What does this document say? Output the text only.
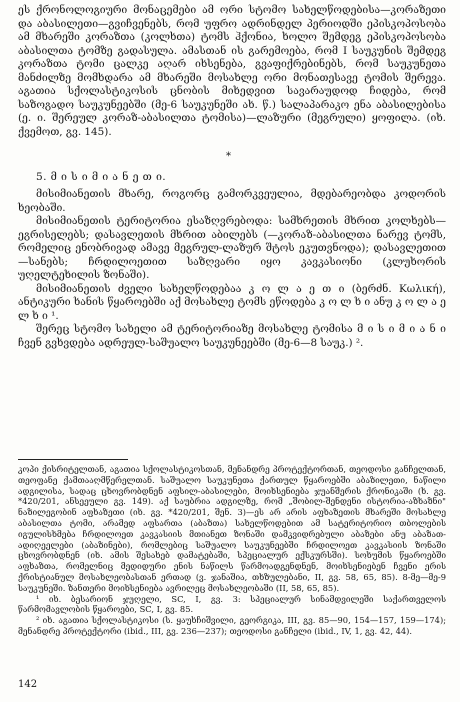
ეს ქრონოლოგიური მონაცემები ამ ორი სტომო სახელწოდებისა—კორაზეთი და აბასილეთი—გვიჩვენებს, რომ უფრო ადრინდელ პერიოდში ეპისკოპოსობა ამ მხარეში კორაზთა (კოლხთა) ტომს ჰქონია, ხოლო შემდეგ ეპისკოპოსობა აბასილთა ტომზე გადასულა. ამასთან ის გარემოება, რომ I საუკუნის შემდეგ კორაზთა ტომი ცალკე აღარ იხსენება, გვაფიქრებინებს, რომ საუკუნეთა მანძილზე მომხდარა ამ მხარეში მოსახლე ორი მონათესავე ტომის შერევა. აგათია სქოლასტიკოსის ცნობის მიხედვით სავარაუდოდ ჩიდება, რომ საზოგადო საუკუნეებში (მე-6 საუკუნეში ახ. წ.) სალაპარაკო ენა აბასილებისა (ე. ი. შერეულ კორაზ-აბასილთა ტომისა)—ლაზური (მეგრული) ყოფილა. (იხ. ქვემოთ, გვ. 145).

*
5. მ ი ს ი მ ი ა ნ ე თ ი.

მისიმიანეთის მხარე, როგორც გამორკვეულია, მდებარეობდა კოდორის ხეობაში.

მისიმიანეთის ტერიტორია ესაზღვრებოდა: სამხრეთის მხრით კოლხებს—ეგრისელებს; დასავლეთის მხრით აბილებს (—კორაზ-აბასილთა ნარევ ტომს, რომელიც ენობრივად ამავე მეგრულ-ლაზურ შტოს ეკუთვნოდა); დასავლეთით—სანებს; ჩრდილოეთით საზღვარი იყო კავკასიონი (კლუხორის უღელტეხილის ზონაში).

მისიმიანეთის ძველი სახელწოდებაა კ ო ლ ა ე თ ი (ბერძნ. Κωλική), ანტიკური ხანის წყაროებში აქ მოსახლე ტომს ეწოდება კ ო ლ ხ ი ანუ კ ო ლ ა ე ლ ხ ი ¹.

შერეც სტომო სახელი ამ ტერიტორიაზე მოსახლე ტომისა მ ი ს ი მ ი ა ნ ი ჩვენ გვხვდება ადრეულ-საშუალო საუკუნეებში (მე-6—8 საუკ.) ².

კოპი ქისრიტელთან, აგათია სქოლასტიკოსთან, მენანდრე პროტექტორთან, თეოდოსი განჩელთან, თეოფანე ქამთააღმწერელთან. საშუალო საუკუნეთა ქართულ წყაროებში აბაზილეთი, ნაწილი ადგილისა, სადაც ცხოვრობდნენ აფსილ-აბასილები, მოიხსენიება ჯუანშერის ქრონიკაში (ხ. გვ. *420/201, ანსეეული გვ. 149). აქ საუბრია ადგილზე, რომ „შობილ-შენდენი ისტორია-აზხაზნი" ნაზილეგობინ აფხაზეთი (იხ. გვ. *420/201, შენ. 3)—ეს არ არის აფხაზეთის მხარეში მოსახლე აბასილთა ტომი, არამედ აფსართა (აბაზთა) სახელწოდებით ამ სატერიტორიო თბოლების იგულისხმება ჩრდილოეთ კავკასიის მთიანეთ ზონაში დამკვიდრებული აბაზები ანუ აბაზათ-ადიღეელები (აბაზინები), რომლებიც საშუალო საუკუნეებში ჩრდილოეთ კავკასიის ზონაში ცხოვრობდნენ (იხ. ამის შესახებ დამატებაში, სპეციალურ ექსკურსში). სოხუმის წყაროებში აფხაზთა, რომელნიც მედიდური ენის ნაწილს წარმოადგენდნენ, მოიხსენიებენ ჩვენი ერის ქრისტიანულ მოსახლეობასთან ერთად (ვ. ჯანაშია, თხზულებანი, II, გვ. 58, 65, 85). 8-მე—მე-9 საუკუნეში. ზანთერი მოიხსენიება ავრილეც მოსახლეობაში (II, 58, 65, 85).

¹ იხ. ბესარიონ ჯუღელი, SC, I, გვ. 3: სპეციალურ სინამდვილეში საქართველოს წარმომავლობის წყაროები, SC, I, გვ. 85.

² იხ. აგათია სქოლასტიკოსი (ს. ყაუხჩიშვილი, გეორგიკა, III, გვ. 85—90, 154—157, 159—174); მენანდრე პროტექტორი (ibid., III, გვ. 236—237); თეოდოსი განჩელი (ibid., IV, 1, გვ. 42, 44).

142
